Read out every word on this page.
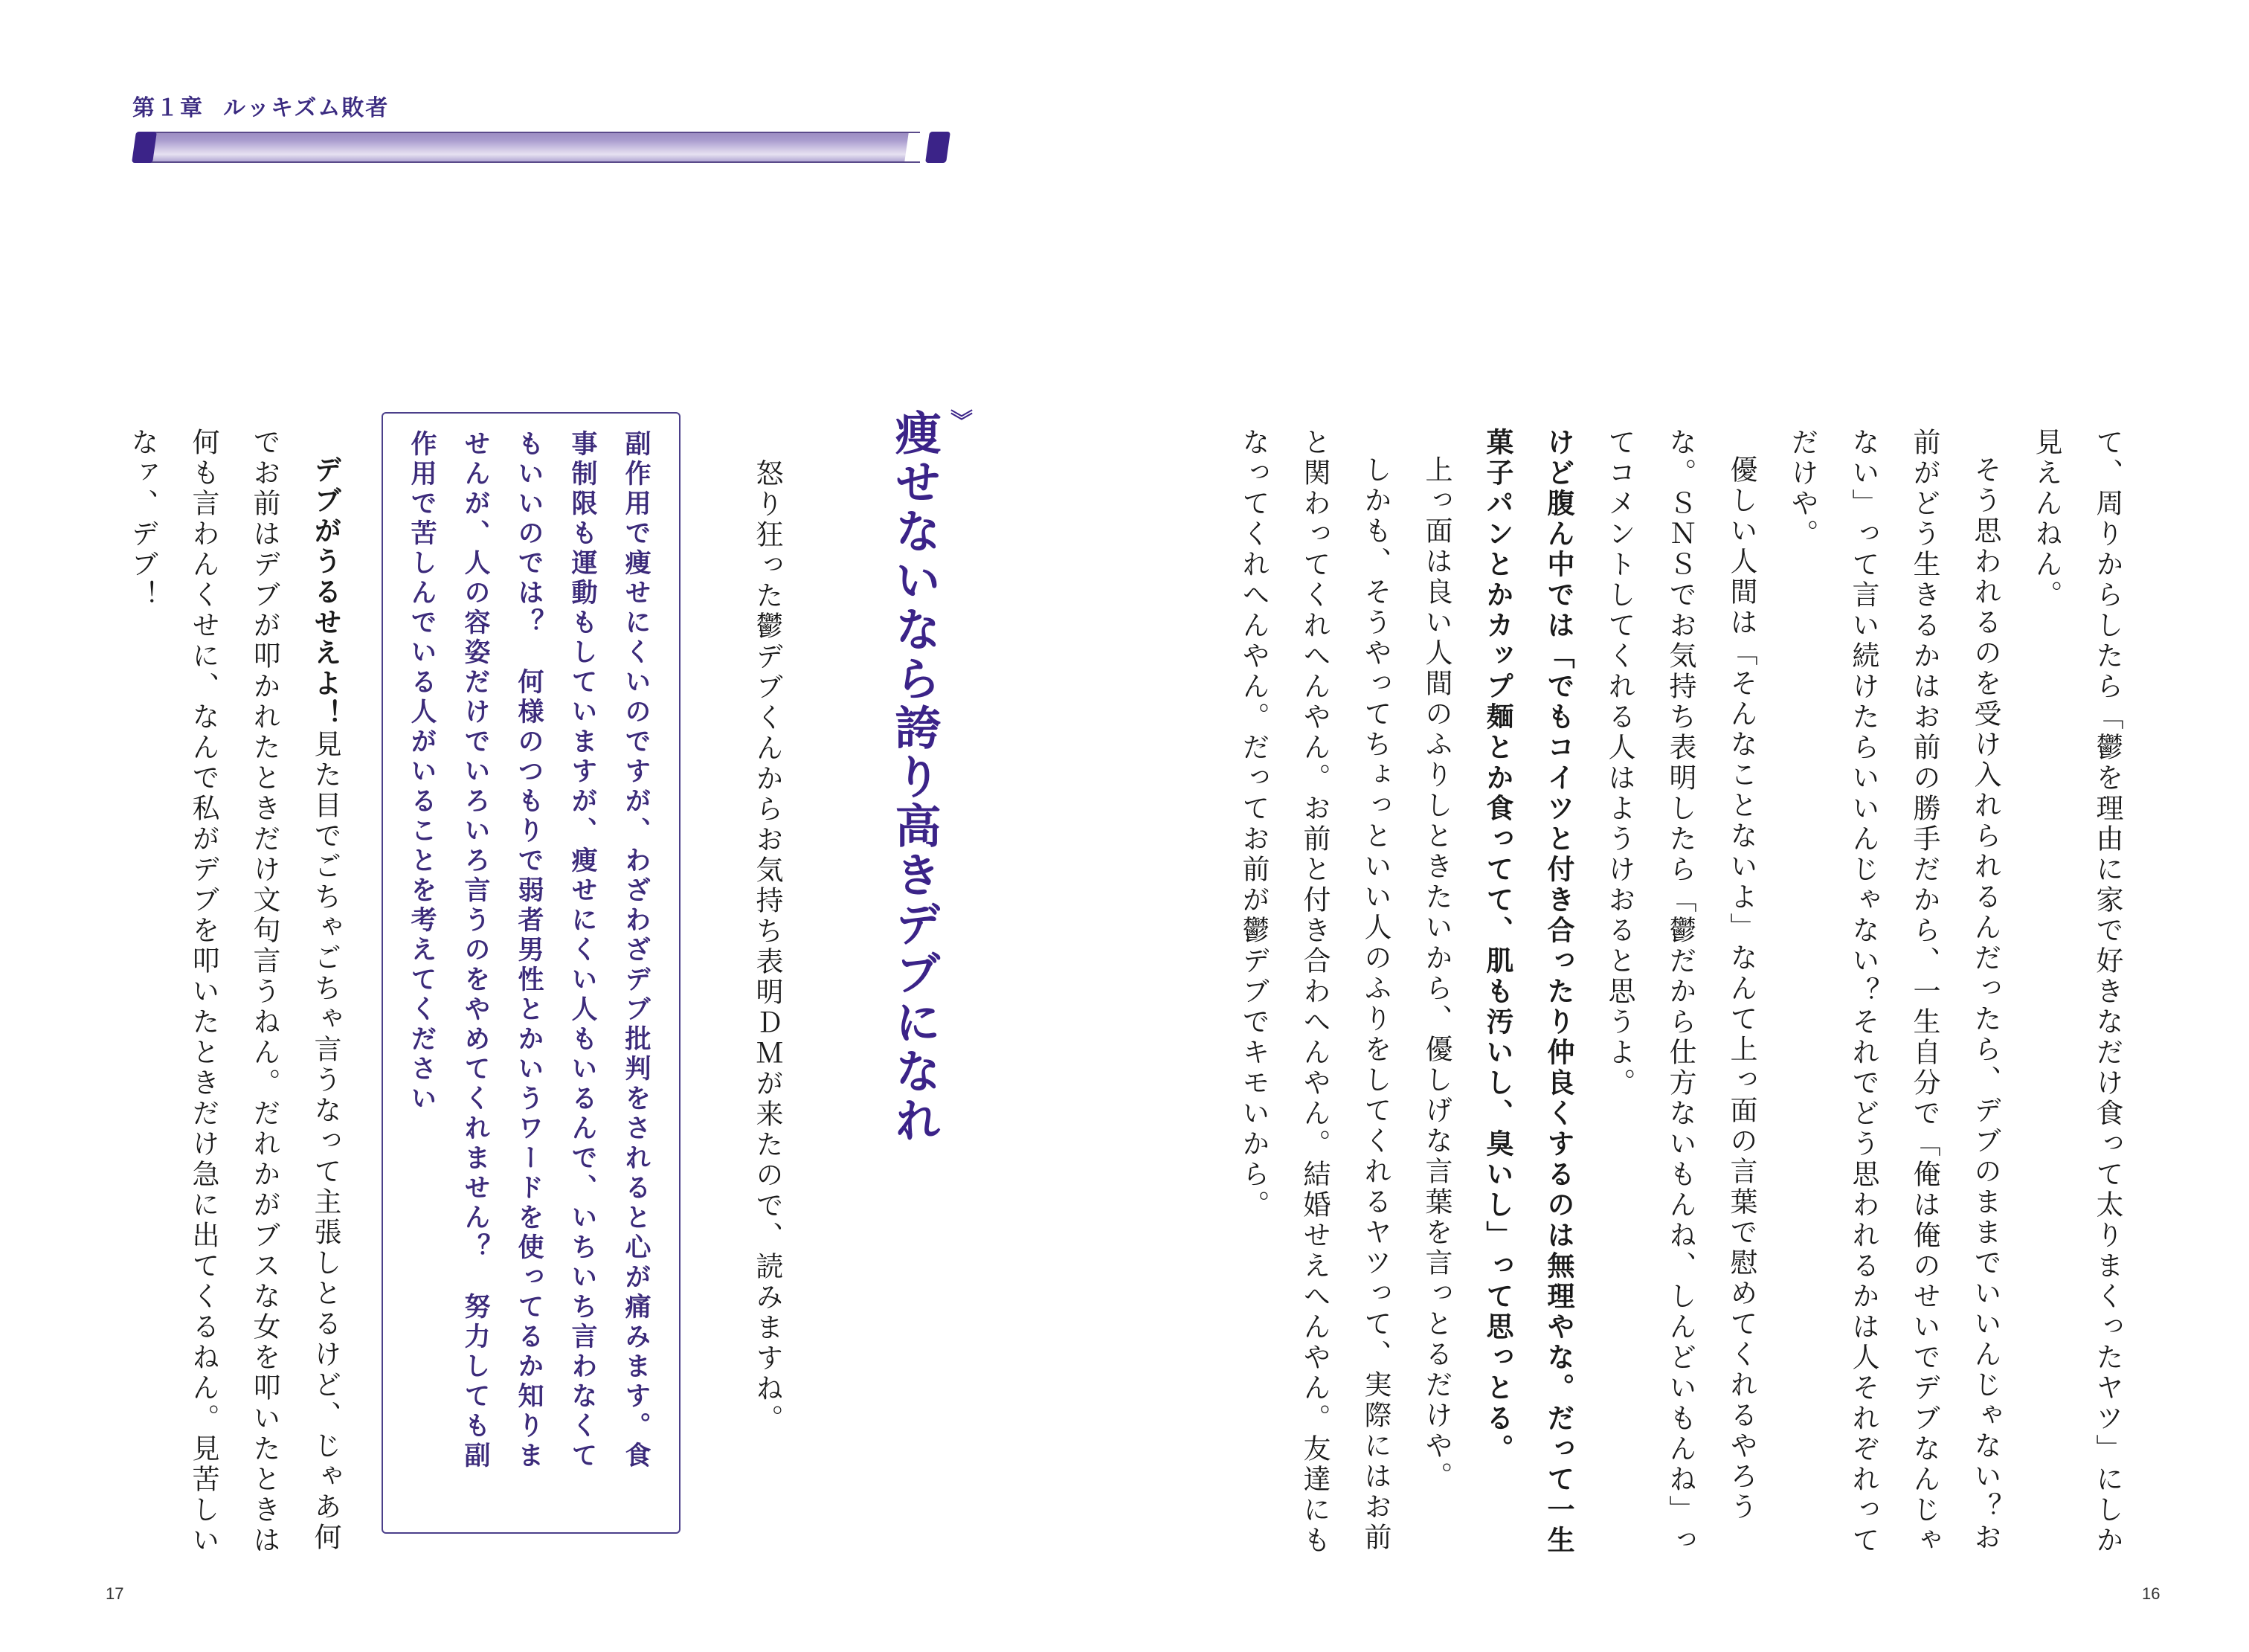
第１章 ルッキズム敗者

て、周りからしたら「鬱を理由に家で好きなだけ食って太りまくったヤツ」にしか見えんねん。

そう思われるのを受け入れられるんだったら、デブのままでいいんじゃない？お前がどう生きるかはお前の勝手だから、一生自分で「俺は俺のせいでデブなんじゃない」って言い続けたらいいんじゃない？それでどう思われるかは人それぞれってだけや。

優しい人間は「そんなことないよ」なんて上っ面の言葉で慰めてくれるやろうな。ＳＮＳでお気持ち表明したら「鬱だから仕方ないもんね、しんどいもんね」ってコメントしてくれる人はようけおると思うよ。

けど腹ん中では「でもコイツと付き合ったり仲良くするのは無理やな。だって一生菓子パンとかカップ麺とか食ってて、肌も汚いし、臭いし」って思っとる。

上っ面は良い人間のふりしときたいから、優しげな言葉を言っとるだけや。

しかも、そうやってちょっといい人のふりをしてくれるヤツって、実際にはお前と関わってくれへんやん。お前と付き合わへんやん。結婚せえへんやん。友達にもなってくれへんやん。だってお前が鬱デブでキモいから。

︾
痩せないなら誇り高きデブになれ

怒り狂った鬱デブくんからお気持ち表明ＤＭが来たので、読みますね。

副作用で痩せにくいのですが、わざわざデブ批判をされると心が痛みます。食事制限も運動もしていますが、痩せにくい人もいるんで、いちいち言わなくてもいいのでは？　何様のつもりで弱者男性とかいうワードを使ってるか知りませんが、人の容姿だけでいろいろ言うのをやめてくれません？　努力しても副作用で苦しんでいる人がいることを考えてください

デブがうるせえよ！見た目でごちゃごちゃ言うなって主張しとるけど、じゃあ何でお前はデブが叩かれたときだけ文句言うねん。だれかがブスな女を叩いたときは何も言わんくせに、なんで私がデブを叩いたときだけ急に出てくるねん。見苦しいなァ、デブ！

17	16
